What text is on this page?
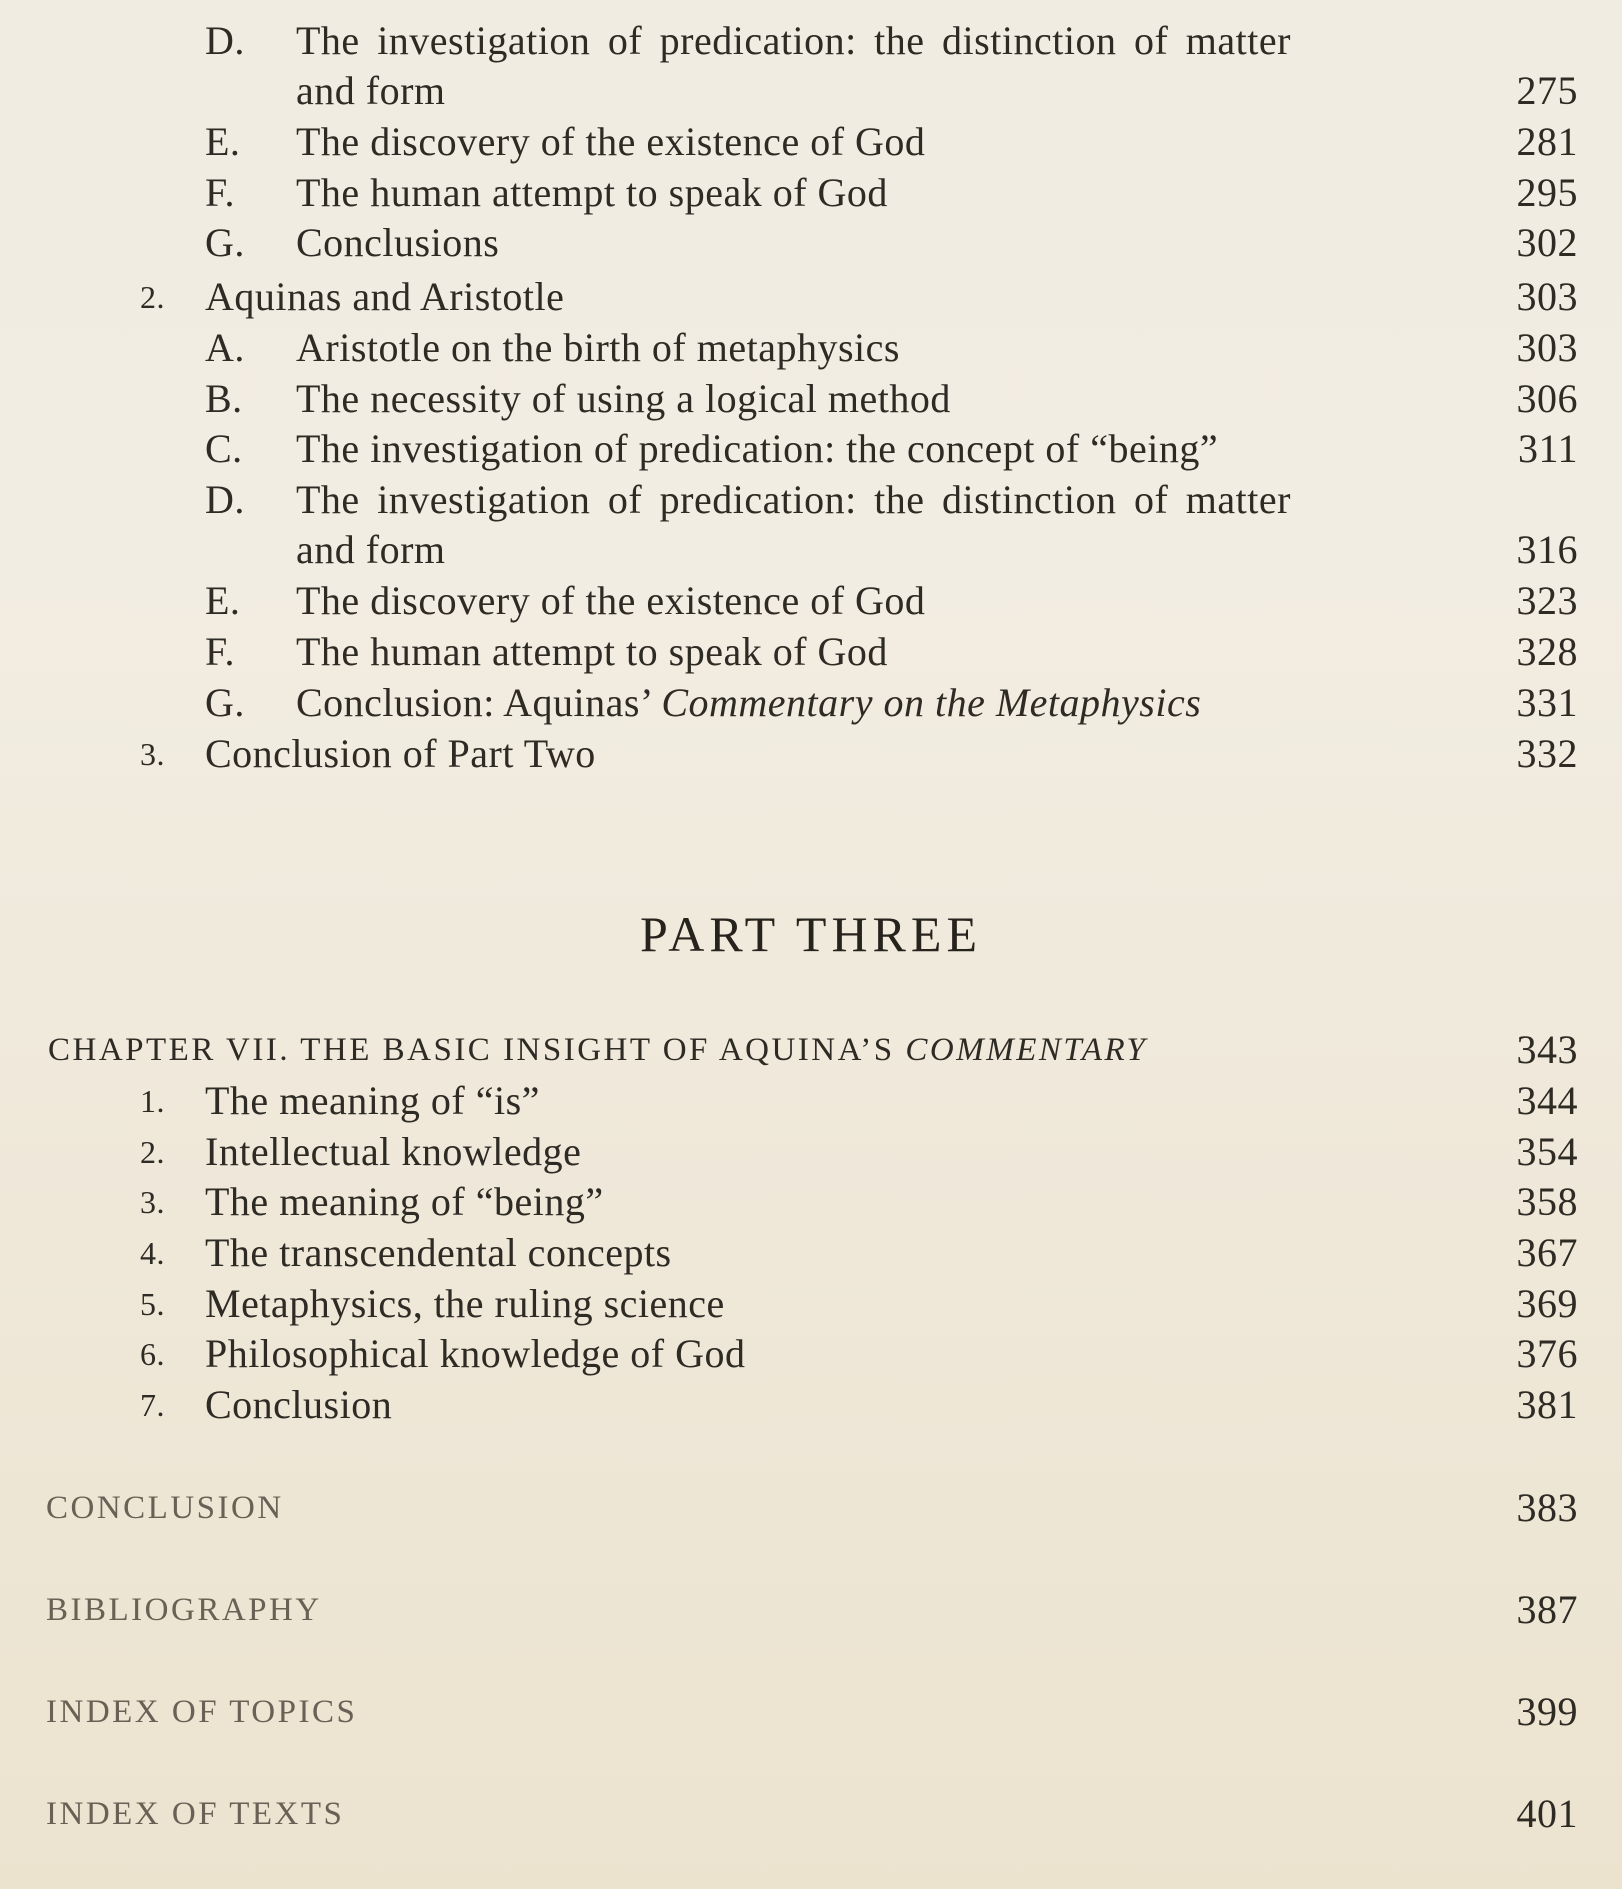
D. The investigation of predication: the distinction of matter
and form	275
E. The discovery of the existence of God	281
F. The human attempt to speak of God	295
G. Conclusions	302
2. Aquinas and Aristotle	303
A. Aristotle on the birth of metaphysics	303
B. The necessity of using a logical method	306
C. The investigation of predication: the concept of “being”	311
D. The investigation of predication: the distinction of matter
and form	316
E. The discovery of the existence of God	323
F. The human attempt to speak of God	328
G. Conclusion: Aquinas’ Commentary on the Metaphysics	331
3. Conclusion of Part Two	332
PART THREE
CHAPTER VII. THE BASIC INSIGHT OF AQUINA’S COMMENTARY	343
1. The meaning of “is”	344
2. Intellectual knowledge	354
3. The meaning of “being”	358
4. The transcendental concepts	367
5. Metaphysics, the ruling science	369
6. Philosophical knowledge of God	376
7. Conclusion	381
CONCLUSION	383
BIBLIOGRAPHY	387
INDEX OF TOPICS	399
INDEX OF TEXTS	401
